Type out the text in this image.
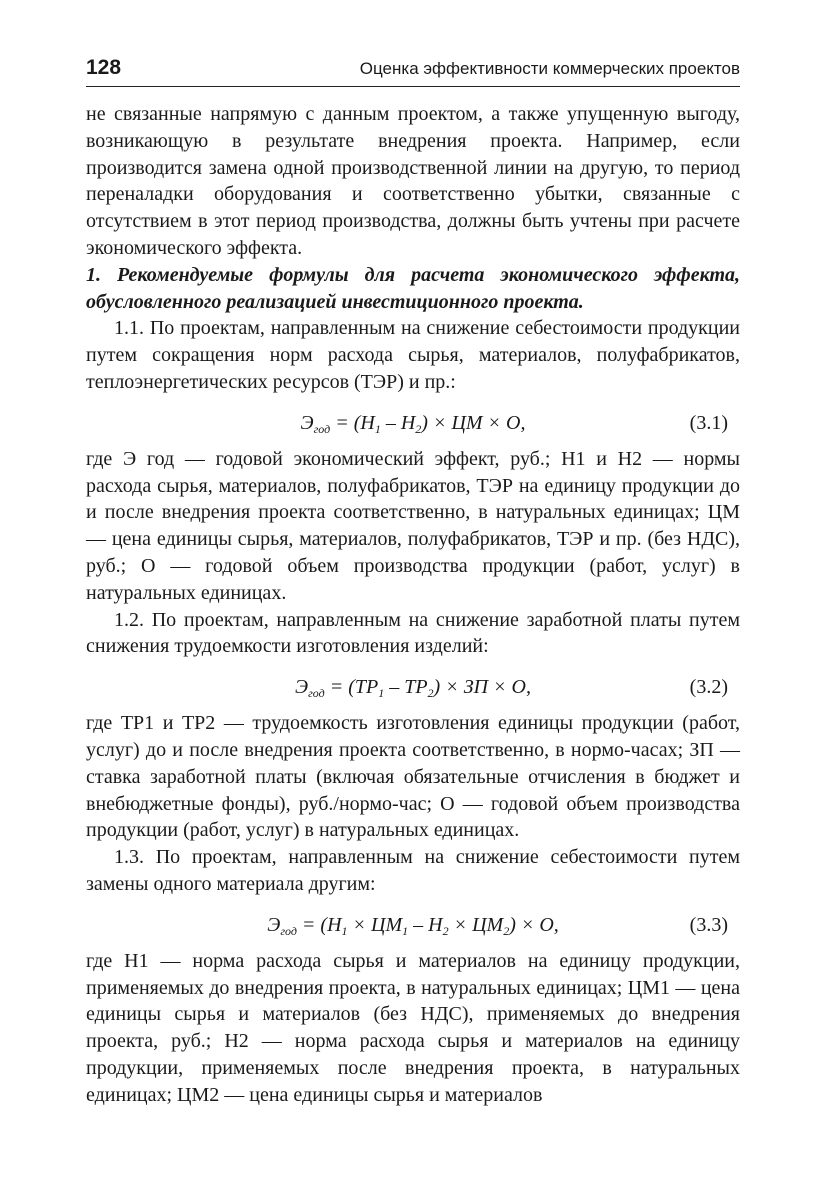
128	Оценка эффективности коммерческих проектов

не связанные напрямую с данным проектом, а также упущенную выгоду, возникающую в результате внедрения проекта. Например, если производится замена одной производственной линии на другую, то период переналадки оборудования и соответственно убытки, связанные с отсутствием в этот период производства, должны быть учтены при расчете экономического эффекта.

1. Рекомендуемые формулы для расчета экономического эффекта, обусловленного реализацией инвестиционного проекта.

1.1. По проектам, направленным на снижение себестоимости продукции путем сокращения норм расхода сырья, материалов, полуфабрикатов, теплоэнергетических ресурсов (ТЭР) и пр.:

$Э_{год} = (Н_1 - Н_2)$ × ЦМ × О,	(3.1)

где Э год — годовой экономический эффект, руб.; Н1 и Н2 — нормы расхода сырья, материалов, полуфабрикатов, ТЭР на единицу продукции до и после внедрения проекта соответственно, в натуральных единицах; ЦМ — цена единицы сырья, материалов, полуфабрикатов, ТЭР и пр. (без НДС), руб.; О — годовой объем производства продукции (работ, услуг) в натуральных единицах.

1.2. По проектам, направленным на снижение заработной платы путем снижения трудоемкости изготовления изделий:

$Э_{год} = (ТР_1 - ТР_2)$ × ЗП × О,	(3.2)

где ТР1 и ТР2 — трудоемкость изготовления единицы продукции (работ, услуг) до и после внедрения проекта соответственно, в нормо-часах; ЗП — ставка заработной платы (включая обязательные отчисления в бюджет и внебюджетные фонды), руб./нормо-час; О — годовой объем производства продукции (работ, услуг) в натуральных единицах.

1.3. По проектам, направленным на снижение себестоимости путем замены одного материала другим:

$Э_{год} = (Н_1 \times ЦМ_1 - Н_2 \times ЦМ_2) \times О$,	(3.3)

где Н1 — норма расхода сырья и материалов на единицу продукции, применяемых до внедрения проекта, в натуральных единицах; ЦМ1 — цена единицы сырья и материалов (без НДС), применяемых до внедрения проекта, руб.; Н2 — норма расхода сырья и материалов на единицу продукции, применяемых после внедрения проекта, в натуральных единицах; ЦМ2 — цена единицы сырья и материалов
